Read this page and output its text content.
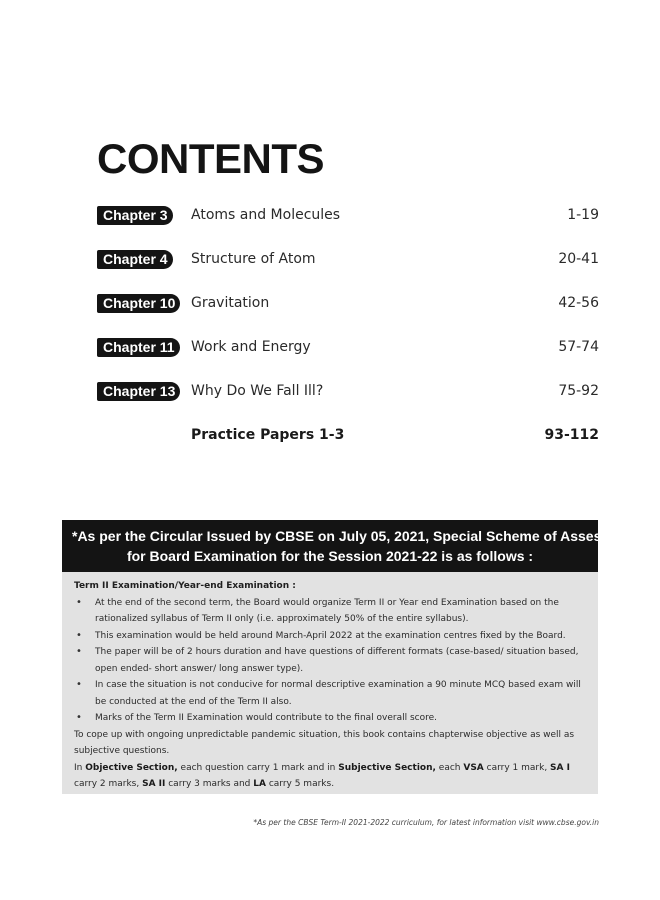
CONTENTS
Chapter 3	Atoms and Molecules	1-19
Chapter 4	Structure of Atom	20-41
Chapter 10	Gravitation	42-56
Chapter 11	Work and Energy	57-74
Chapter 13	Why Do We Fall Ill?	75-92
Practice Papers 1-3	93-112
*As per the Circular Issued by CBSE on July 05, 2021, Special Scheme of Assessment
for Board Examination for the Session 2021-22 is as follows :
Term II Examination/Year-end Examination :
• At the end of the second term, the Board would organize Term II or Year end Examination based on the rationalized syllabus of Term II only (i.e. approximately 50% of the entire syllabus).
• This examination would be held around March-April 2022 at the examination centres fixed by the Board.
• The paper will be of 2 hours duration and have questions of different formats (case-based/ situation based, open ended- short answer/ long answer type).
• In case the situation is not conducive for normal descriptive examination a 90 minute MCQ based exam will be conducted at the end of the Term II also.
• Marks of the Term II Examination would contribute to the final overall score.

To cope up with ongoing unpredictable pandemic situation, this book contains chapterwise objective as well as subjective questions.

In Objective Section, each question carry 1 mark and in Subjective Section, each VSA carry 1 mark, SA I carry 2 marks, SA II carry 3 marks and LA carry 5 marks.

*As per the CBSE Term-II 2021-2022 curriculum, for latest information visit www.cbse.gov.in
